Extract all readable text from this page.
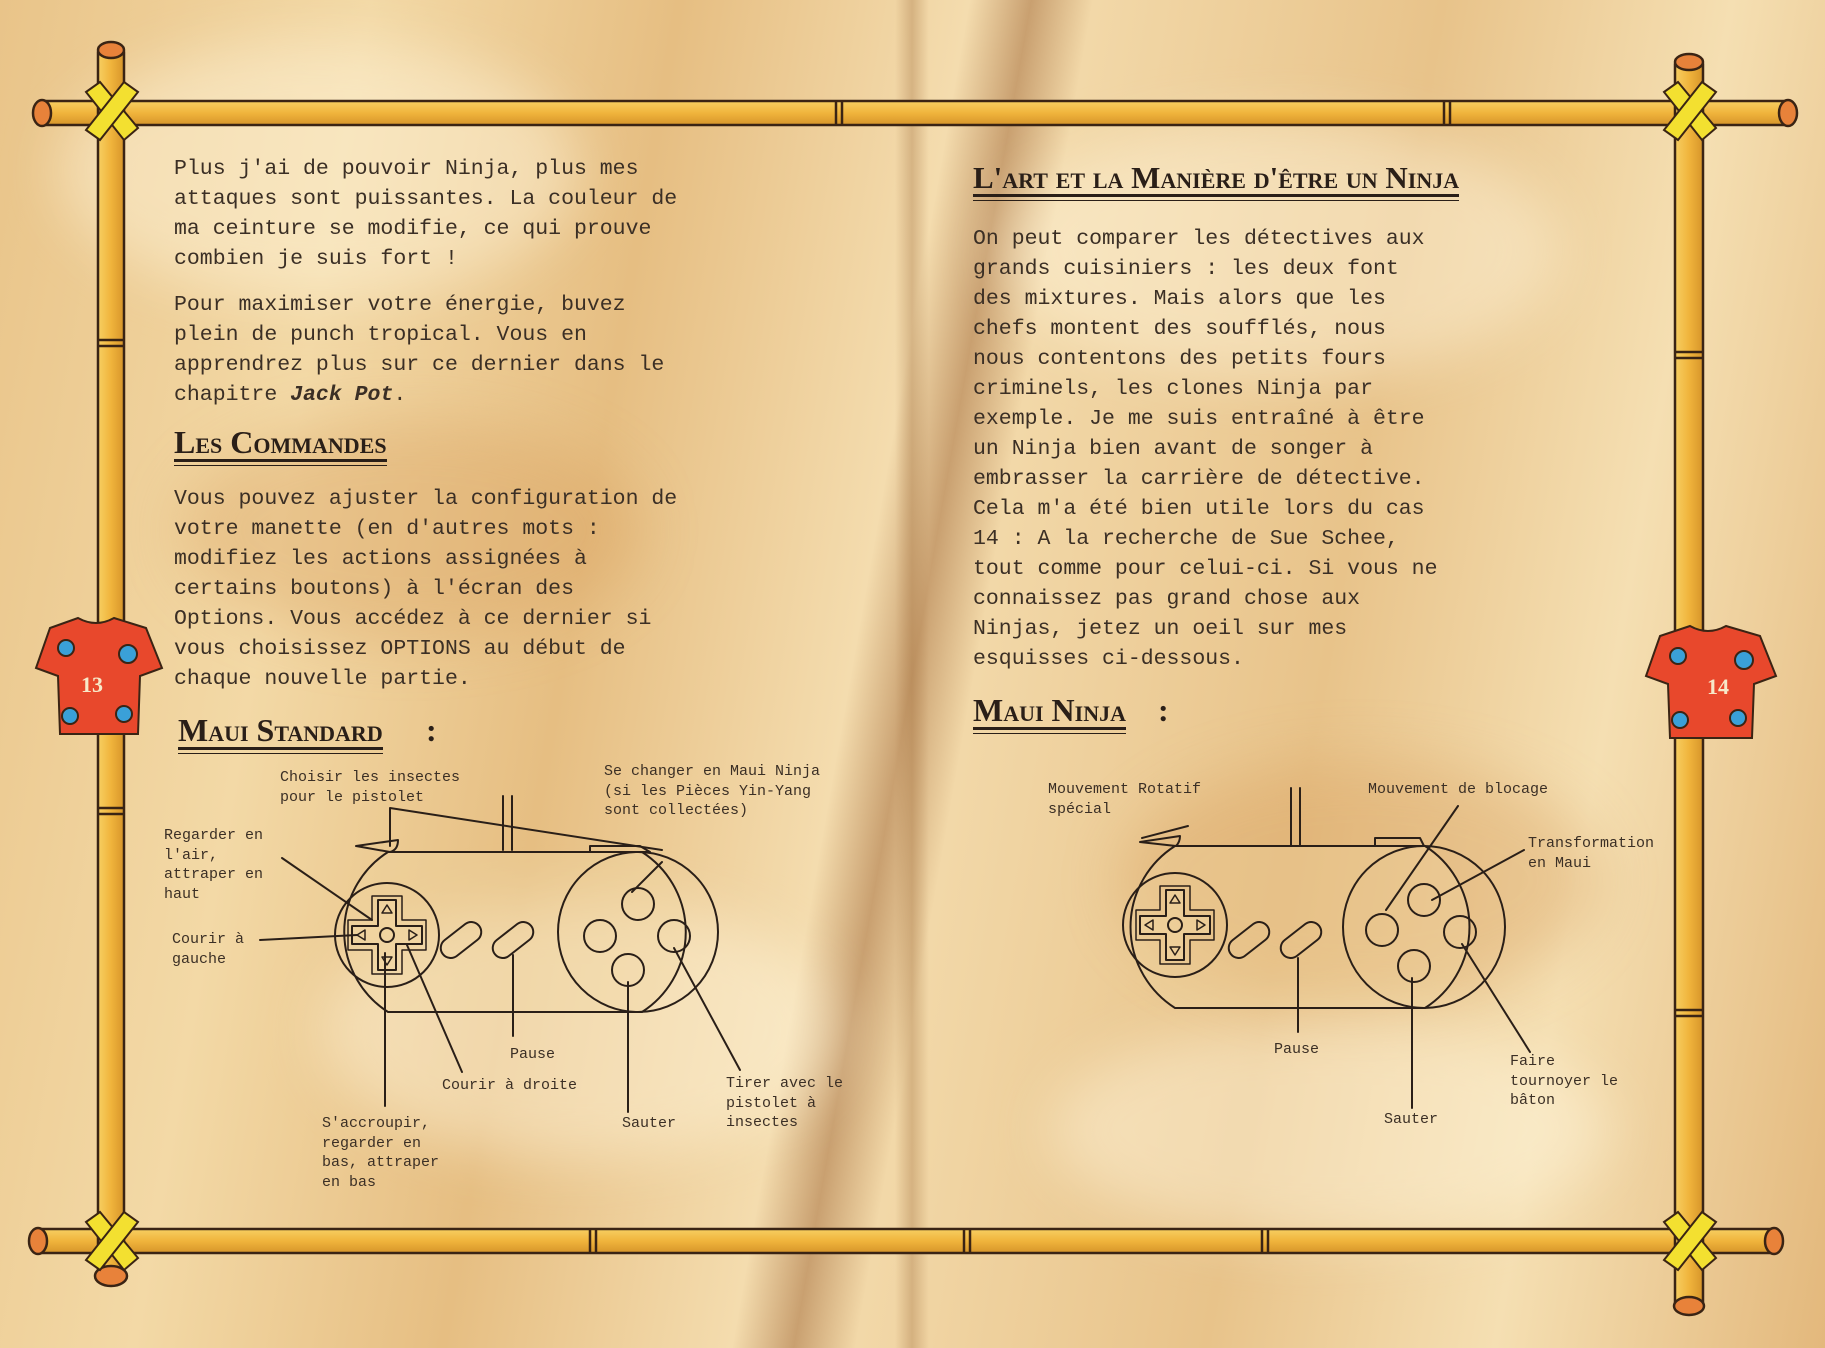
13	14

Plus j'ai de pouvoir Ninja, plus mes
attaques sont puissantes. La couleur de
ma ceinture se modifie, ce qui prouve
combien je suis fort !

Pour maximiser votre énergie, buvez
plein de punch tropical. Vous en
apprendrez plus sur ce dernier dans le
chapitre Jack Pot.

Les Commandes

Vous pouvez ajuster la configuration de
votre manette (en d'autres mots :
modifiez les actions assignées à
certains boutons) à l'écran des
Options. Vous accédez à ce dernier si
vous choisissez OPTIONS au début de
chaque nouvelle partie.

Maui Standard :
Choisir les insectes
pour le pistolet
Se changer en Maui Ninja
(si les Pièces Yin-Yang
sont collectées)
Regarder en
l'air,
attraper en
haut
Courir à
gauche
Pause
Courir à droite
S'accroupir,
regarder en
bas, attraper
en bas
Sauter
Tirer avec le
pistolet à
insectes
L'art et la Manière d'être un Ninja

On peut comparer les détectives aux
grands cuisiniers : les deux font
des mixtures. Mais alors que les
chefs montent des soufflés, nous
nous contentons des petits fours
criminels, les clones Ninja par
exemple. Je me suis entraîné à être
un Ninja bien avant de songer à
embrasser la carrière de détective.
Cela m'a été bien utile lors du cas
14 : A la recherche de Sue Schee,
tout comme pour celui-ci. Si vous ne
connaissez pas grand chose aux
Ninjas, jetez un oeil sur mes
esquisses ci-dessous.

Maui Ninja :
Mouvement Rotatif
spécial
Mouvement de blocage
Transformation
en Maui
Pause
Sauter
Faire
tournoyer le
bâton
